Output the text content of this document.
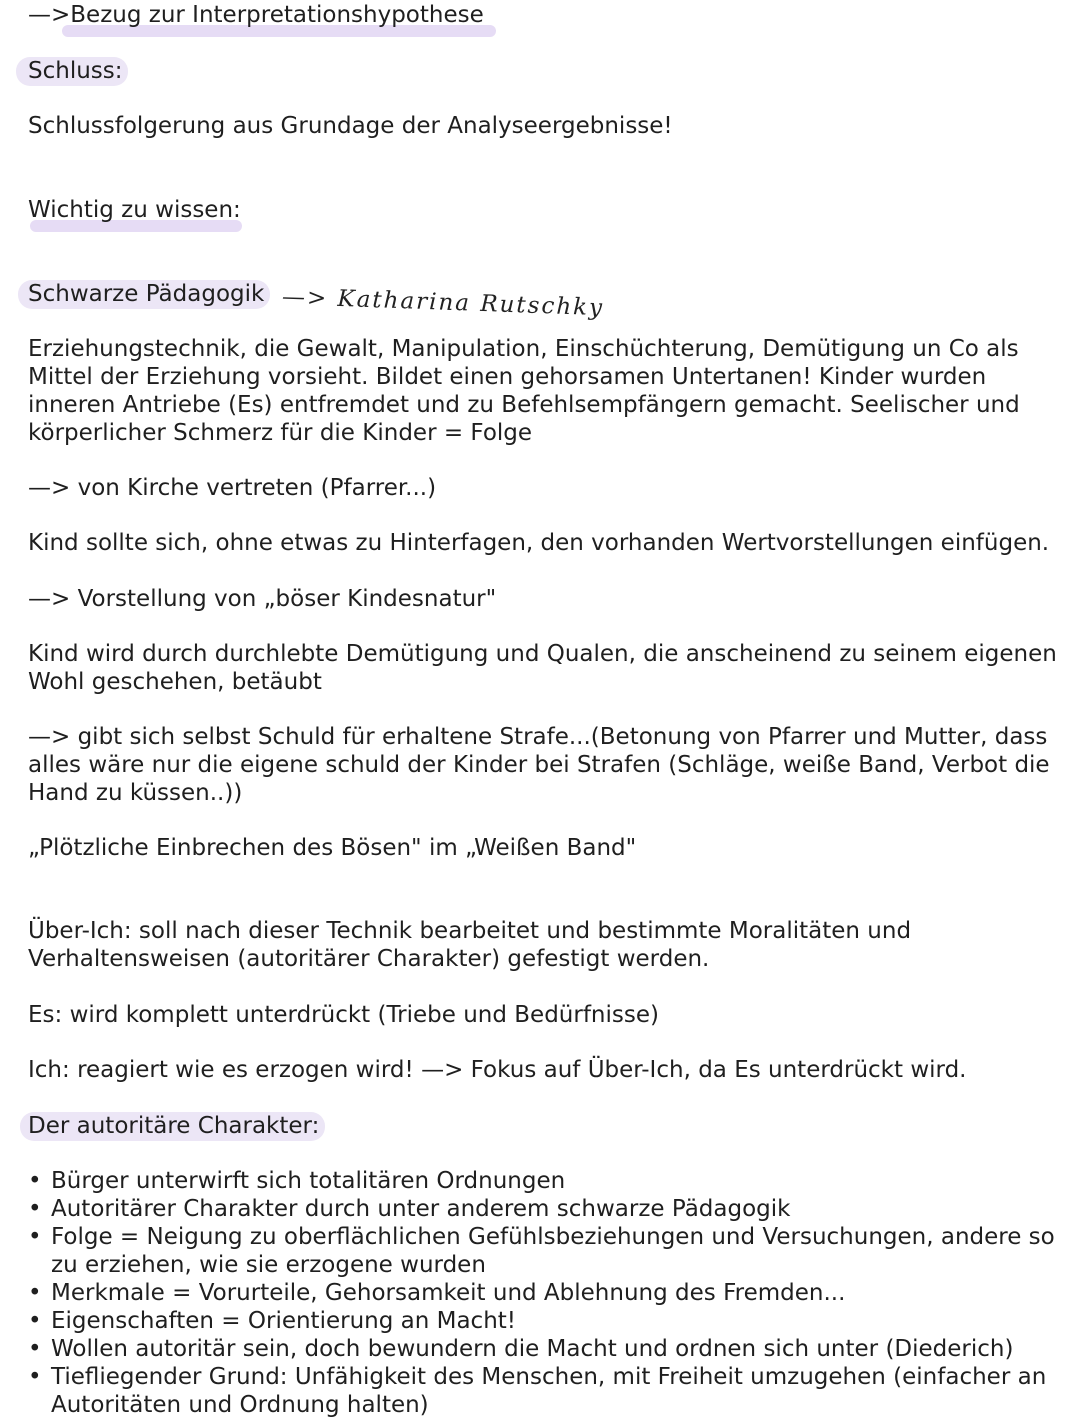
—>Bezug zur Interpretationshypothese

Schluss:

Schlussfolgerung aus Grundage der Analyseergebnisse!

Wichtig zu wissen:

Schwarze Pädagogik —> Katharina Rutschky

Erziehungstechnik, die Gewalt, Manipulation, Einschüchterung, Demütigung un Co als Mittel der Erziehung vorsieht. Bildet einen gehorsamen Untertanen! Kinder wurden inneren Antriebe (Es) entfremdet und zu Befehlsempfängern gemacht. Seelischer und körperlicher Schmerz für die Kinder = Folge

—> von Kirche vertreten (Pfarrer...)

Kind sollte sich, ohne etwas zu Hinterfagen, den vorhanden Wertvorstellungen einfügen.

—> Vorstellung von „böser Kindesnatur"

Kind wird durch durchlebte Demütigung und Qualen, die anscheinend zu seinem eigenen Wohl geschehen, betäubt

—> gibt sich selbst Schuld für erhaltene Strafe...(Betonung von Pfarrer und Mutter, dass alles wäre nur die eigene schuld der Kinder bei Strafen (Schläge, weiße Band, Verbot die Hand zu küssen..))

„Plötzliche Einbrechen des Bösen" im „Weißen Band"

Über-Ich: soll nach dieser Technik bearbeitet und bestimmte Moralitäten und Verhaltensweisen (autoritärer Charakter) gefestigt werden.

Es: wird komplett unterdrückt (Triebe und Bedürfnisse)

Ich: reagiert wie es erzogen wird! —> Fokus auf Über-Ich, da Es unterdrückt wird.

Der autoritäre Charakter:

• Bürger unterwirft sich totalitären Ordnungen
• Autoritärer Charakter durch unter anderem schwarze Pädagogik
• Folge = Neigung zu oberflächlichen Gefühlsbeziehungen und Versuchungen, andere so zu erziehen, wie sie erzogene wurden
• Merkmale = Vorurteile, Gehorsamkeit und Ablehnung des Fremden...
• Eigenschaften = Orientierung an Macht!
• Wollen autoritär sein, doch bewundern die Macht und ordnen sich unter (Diederich)
• Tiefliegender Grund: Unfähigkeit des Menschen, mit Freiheit umzugehen (einfacher an Autoritäten und Ordnung halten)
